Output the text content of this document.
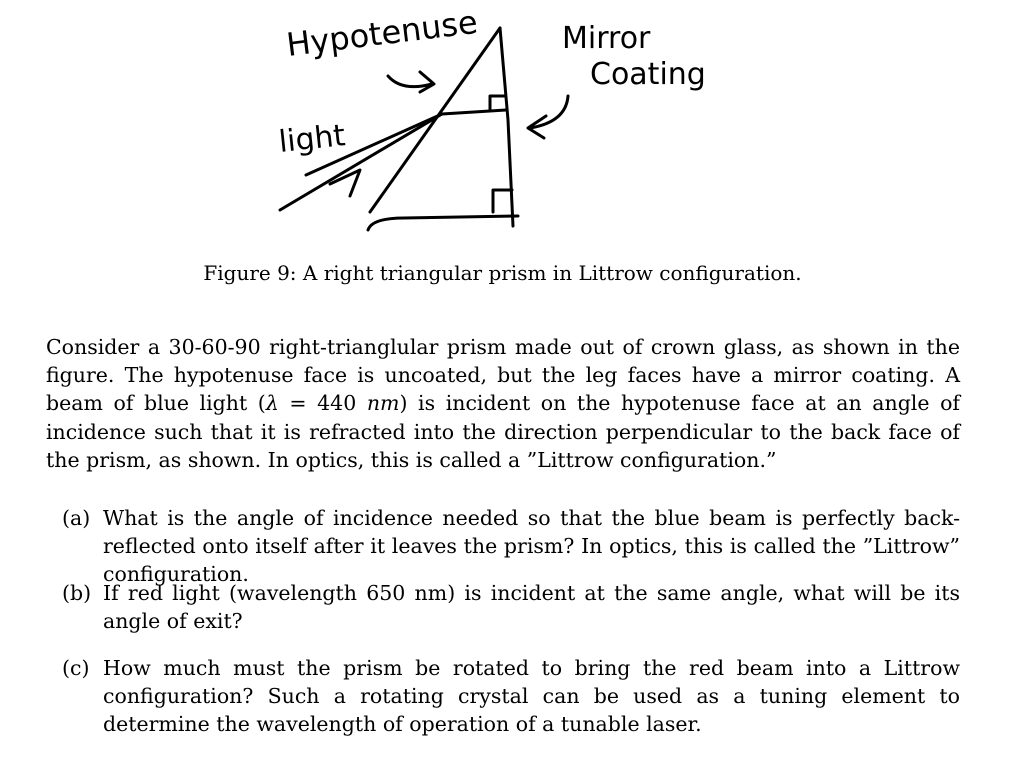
Hypotenuse	Mirror
Coating
light
Figure 9: A right triangular prism in Littrow configuration.
Consider a 30-60-90 right-trianglular prism made out of crown glass, as shown in the figure. The hypotenuse face is uncoated, but the leg faces have a mirror coating. A beam of blue light (λ = 440 nm) is incident on the hypotenuse face at an angle of incidence such that it is refracted into the direction perpendicular to the back face of the prism, as shown. In optics, this is called a ”Littrow configuration.”
(a) What is the angle of incidence needed so that the blue beam is perfectly back-reflected onto itself after it leaves the prism? In optics, this is called the ”Littrow” configuration.
(b) If red light (wavelength 650 nm) is incident at the same angle, what will be its angle of exit?
(c) How much must the prism be rotated to bring the red beam into a Littrow configuration? Such a rotating crystal can be used as a tuning element to determine the wavelength of operation of a tunable laser.
